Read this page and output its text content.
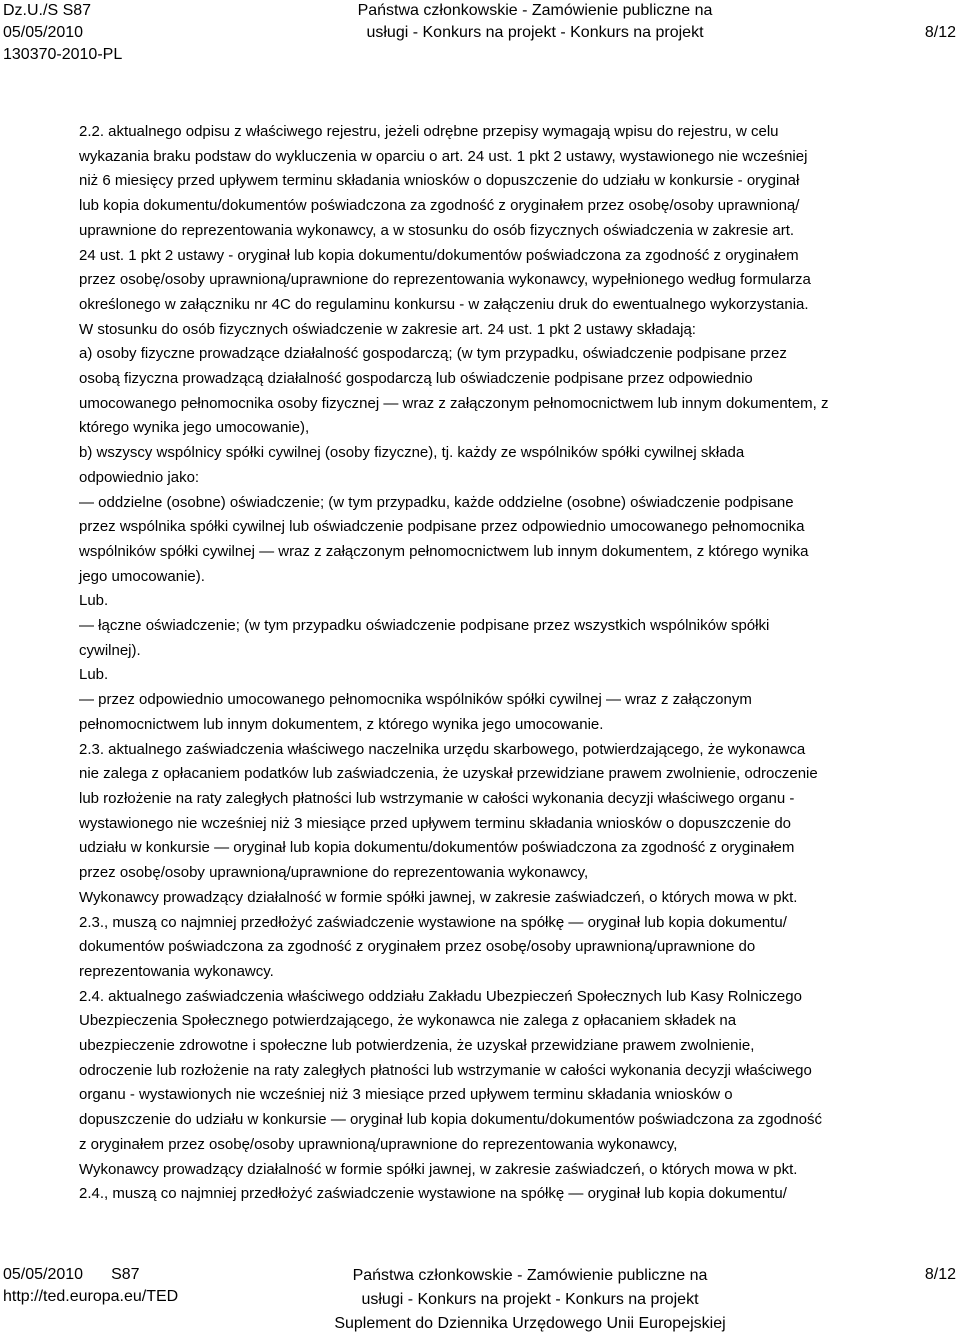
Dz.U./S S87
05/05/2010
130370-2010-PL
Państwa członkowskie - Zamówienie publiczne na
usługi - Konkurs na projekt - Konkurs na projekt	8/12
2.2. aktualnego odpisu z właściwego rejestru, jeżeli odrębne przepisy wymagają wpisu do rejestru, w celu
wykazania braku podstaw do wykluczenia w oparciu o art. 24 ust. 1 pkt 2 ustawy, wystawionego nie wcześniej
niż 6 miesięcy przed upływem terminu składania wniosków o dopuszczenie do udziału w konkursie - oryginał
lub kopia dokumentu/dokumentów poświadczona za zgodność z oryginałem przez osobę/osoby uprawnioną/
uprawnione do reprezentowania wykonawcy, a w stosunku do osób fizycznych oświadczenia w zakresie art.
24 ust. 1 pkt 2 ustawy - oryginał lub kopia dokumentu/dokumentów poświadczona za zgodność z oryginałem
przez osobę/osoby uprawnioną/uprawnione do reprezentowania wykonawcy, wypełnionego według formularza
określonego w załączniku nr 4C do regulaminu konkursu - w załączeniu druk do ewentualnego wykorzystania.
W stosunku do osób fizycznych oświadczenie w zakresie art. 24 ust. 1 pkt 2 ustawy składają:
a) osoby fizyczne prowadzące działalność gospodarczą; (w tym przypadku, oświadczenie podpisane przez
osobą fizyczna prowadzącą działalność gospodarczą lub oświadczenie podpisane przez odpowiednio
umocowanego pełnomocnika osoby fizycznej — wraz z załączonym pełnomocnictwem lub innym dokumentem, z
którego wynika jego umocowanie),
b) wszyscy wspólnicy spółki cywilnej (osoby fizyczne), tj. każdy ze wspólników spółki cywilnej składa
odpowiednio jako:
— oddzielne (osobne) oświadczenie; (w tym przypadku, każde oddzielne (osobne) oświadczenie podpisane
przez wspólnika spółki cywilnej lub oświadczenie podpisane przez odpowiednio umocowanego pełnomocnika
wspólników spółki cywilnej — wraz z załączonym pełnomocnictwem lub innym dokumentem, z którego wynika
jego umocowanie).
Lub.
— łączne oświadczenie; (w tym przypadku oświadczenie podpisane przez wszystkich wspólników spółki
cywilnej).
Lub.
— przez odpowiednio umocowanego pełnomocnika wspólników spółki cywilnej — wraz z załączonym
pełnomocnictwem lub innym dokumentem, z którego wynika jego umocowanie.
2.3. aktualnego zaświadczenia właściwego naczelnika urzędu skarbowego, potwierdzającego, że wykonawca
nie zalega z opłacaniem podatków lub zaświadczenia, że uzyskał przewidziane prawem zwolnienie, odroczenie
lub rozłożenie na raty zaległych płatności lub wstrzymanie w całości wykonania decyzji właściwego organu -
wystawionego nie wcześniej niż 3 miesiące przed upływem terminu składania wniosków o dopuszczenie do
udziału w konkursie — oryginał lub kopia dokumentu/dokumentów poświadczona za zgodność z oryginałem
przez osobę/osoby uprawnioną/uprawnione do reprezentowania wykonawcy,
Wykonawcy prowadzący działalność w formie spółki jawnej, w zakresie zaświadczeń, o których mowa w pkt.
2.3., muszą co najmniej przedłożyć zaświadczenie wystawione na spółkę — oryginał lub kopia dokumentu/
dokumentów poświadczona za zgodność z oryginałem przez osobę/osoby uprawnioną/uprawnione do
reprezentowania wykonawcy.
2.4. aktualnego zaświadczenia właściwego oddziału Zakładu Ubezpieczeń Społecznych lub Kasy Rolniczego
Ubezpieczenia Społecznego potwierdzającego, że wykonawca nie zalega z opłacaniem składek na
ubezpieczenie zdrowotne i społeczne lub potwierdzenia, że uzyskał przewidziane prawem zwolnienie,
odroczenie lub rozłożenie na raty zaległych płatności lub wstrzymanie w całości wykonania decyzji właściwego
organu - wystawionych nie wcześniej niż 3 miesiące przed upływem terminu składania wniosków o
dopuszczenie do udziału w konkursie — oryginał lub kopia dokumentu/dokumentów poświadczona za zgodność
z oryginałem przez osobę/osoby uprawnioną/uprawnione do reprezentowania wykonawcy,
Wykonawcy prowadzący działalność w formie spółki jawnej, w zakresie zaświadczeń, o których mowa w pkt.
2.4., muszą co najmniej przedłożyć zaświadczenie wystawione na spółkę — oryginał lub kopia dokumentu/
05/05/2010 S87
http://ted.europa.eu/TED
Państwa członkowskie - Zamówienie publiczne na
usługi - Konkurs na projekt - Konkurs na projekt
Suplement do Dziennika Urzędowego Unii Europejskiej
8/12
